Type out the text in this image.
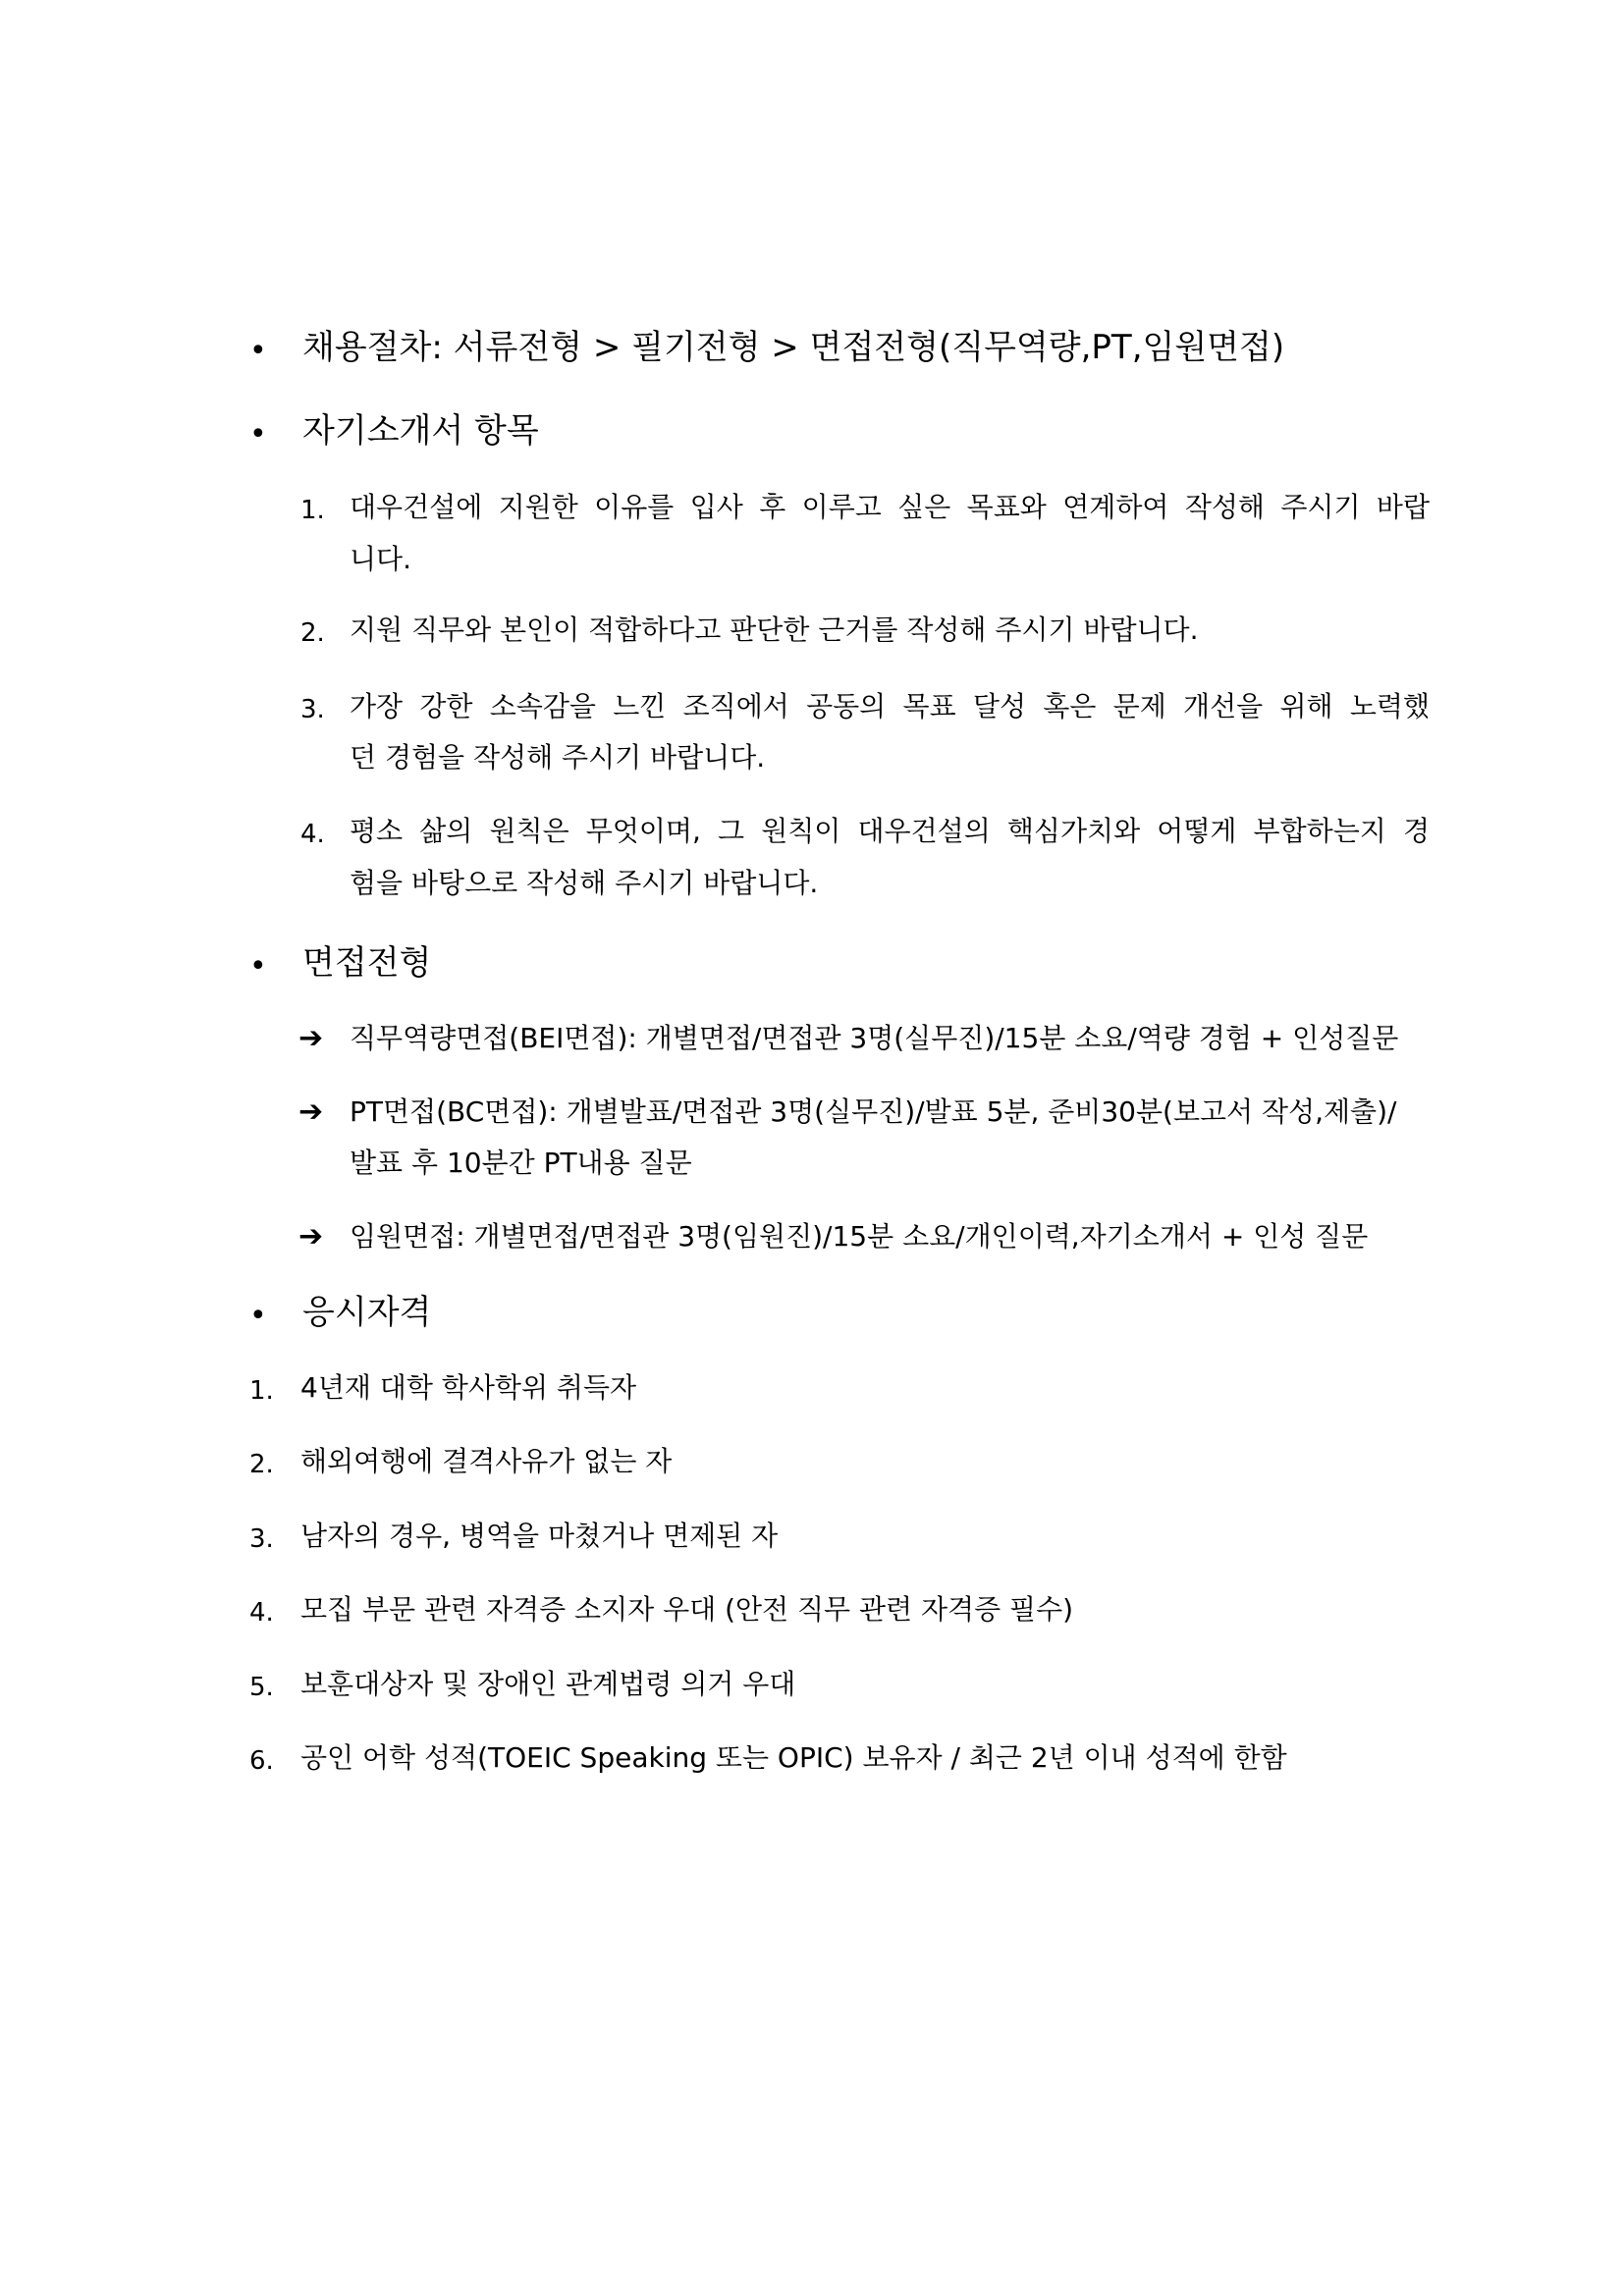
• 채용절차: 서류전형 > 필기전형 > 면접전형(직무역량,PT,임원면접)
• 자기소개서 항목
1. 대우건설에 지원한 이유를 입사 후 이루고 싶은 목표와 연계하여 작성해 주시기 바랍
니다.
2. 지원 직무와 본인이 적합하다고 판단한 근거를 작성해 주시기 바랍니다.
3. 가장 강한 소속감을 느낀 조직에서 공동의 목표 달성 혹은 문제 개선을 위해 노력했
던 경험을 작성해 주시기 바랍니다.
4. 평소 삶의 원칙은 무엇이며, 그 원칙이 대우건설의 핵심가치와 어떻게 부합하는지 경
험을 바탕으로 작성해 주시기 바랍니다.
• 면접전형
➔ 직무역량면접(BEI면접): 개별면접/면접관 3명(실무진)/15분 소요/역량 경험 + 인성질문
➔ PT면접(BC면접): 개별발표/면접관 3명(실무진)/발표 5분, 준비30분(보고서 작성,제출)/
발표 후 10분간 PT내용 질문
➔ 임원면접: 개별면접/면접관 3명(임원진)/15분 소요/개인이력,자기소개서 + 인성 질문
• 응시자격
1. 4년재 대학 학사학위 취득자
2. 해외여행에 결격사유가 없는 자
3. 남자의 경우, 병역을 마쳤거나 면제된 자
4. 모집 부문 관련 자격증 소지자 우대 (안전 직무 관련 자격증 필수)
5. 보훈대상자 및 장애인 관계법령 의거 우대
6. 공인 어학 성적(TOEIC Speaking 또는 OPIC) 보유자 / 최근 2년 이내 성적에 한함
